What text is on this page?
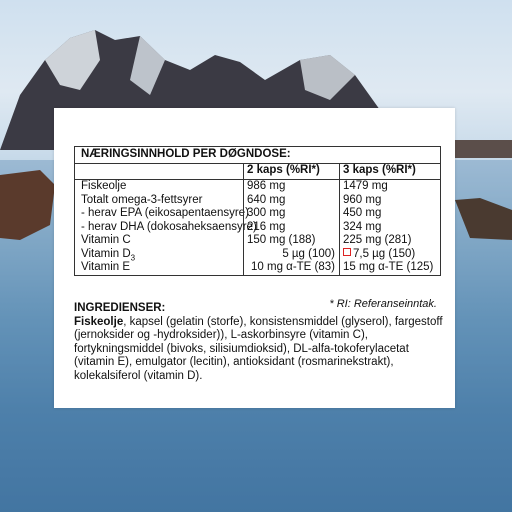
NÆRINGSINNHOLD PER DØGNDOSE:
2 kaps (%RI*)	3 kaps (%RI*)
Fiskeolje
Totalt omega-3-fettsyrer
- herav EPA (eikosapentaensyre)
- herav DHA (dokosaheksaensyre)
Vitamin C
Vitamin $D_3$
Vitamin E
986 mg
640 mg
300 mg
216 mg
150 mg (188)
5 µg (100)
10 mg α-TE (83)
1479 mg
960 mg
450 mg
324 mg
225 mg (281)
7,5 µg (150)
15 mg α-TE (125)
* RI: Referanseinntak.
INGREDIENSER:

Fiskeolje, kapsel (gelatin (storfe), konsistensmiddel (glyserol), fargestoff (jernoksider og -hydroksider)), L-askorbinsyre (vitamin C), fortykningsmiddel (bivoks, silisiumdioksid), DL-alfa-tokoferylacetat (vitamin E), emulgator (lecitin), antioksidant (rosmarinekstrakt), kolekalsiferol (vitamin D).
